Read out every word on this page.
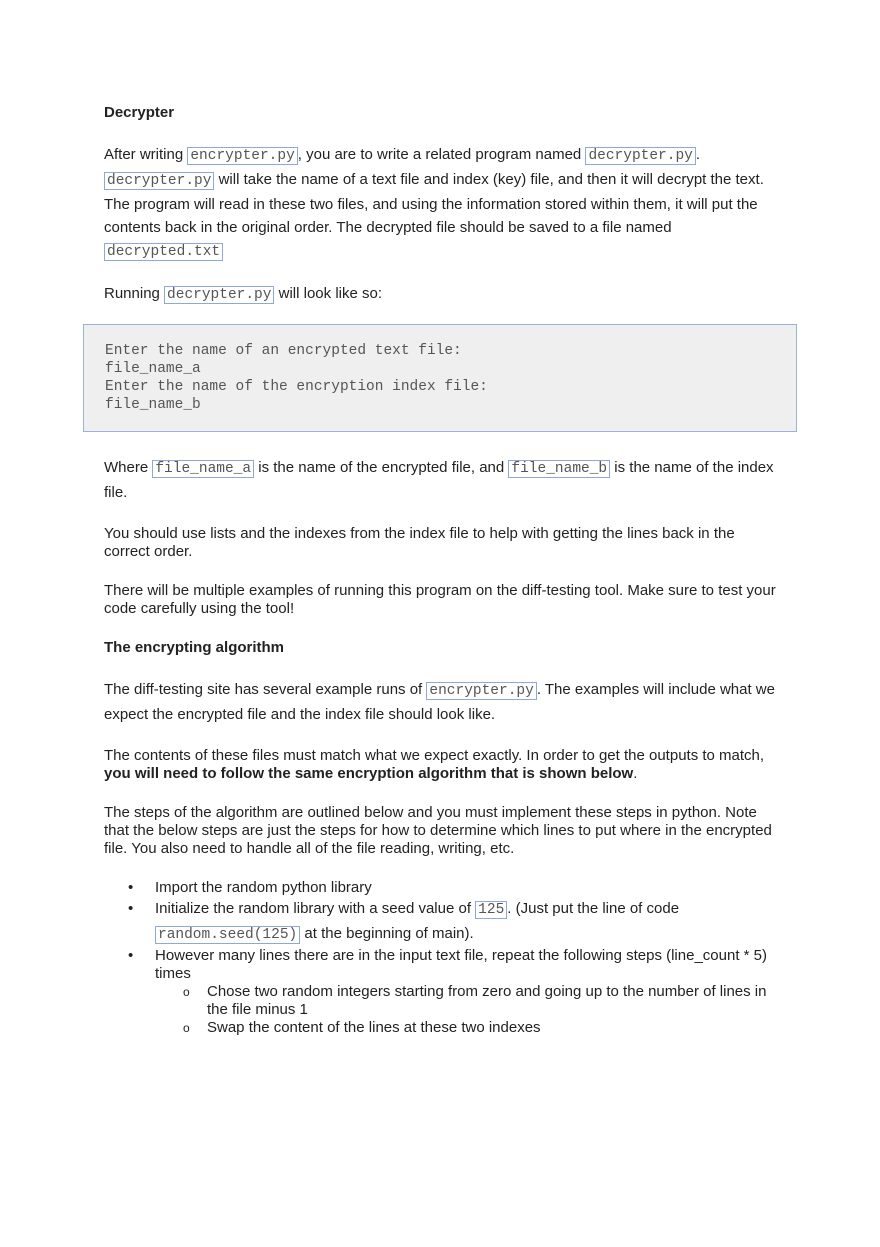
Decrypter

After writing encrypter.py , you are to write a related program named decrypter.py . decrypter.py will take the name of a text file and index (key) file, and then it will decrypt the text. The program will read in these two files, and using the information stored within them, it will put the contents back in the original order. The decrypted file should be saved to a file named decrypted.txt

Running decrypter.py will look like so:

Enter the name of an encrypted text file:
file_name_a
Enter the name of the encryption index file:
file_name_b

Where file_name_a is the name of the encrypted file, and file_name_b is the name of the index file.

You should use lists and the indexes from the index file to help with getting the lines back in the correct order.

There will be multiple examples of running this program on the diff-testing tool. Make sure to test your code carefully using the tool!

The encrypting algorithm

The diff-testing site has several example runs of encrypter.py . The examples will include what we expect the encrypted file and the index file should look like.

The contents of these files must match what we expect exactly. In order to get the outputs to match, you will need to follow the same encryption algorithm that is shown below.

The steps of the algorithm are outlined below and you must implement these steps in python. Note that the below steps are just the steps for how to determine which lines to put where in the encrypted file. You also need to handle all of the file reading, writing, etc.

• Import the random python library
• Initialize the random library with a seed value of 125 . (Just put the line of code random.seed(125) at the beginning of main).
• However many lines there are in the input text file, repeat the following steps (line_count * 5) times
o Chose two random integers starting from zero and going up to the number of lines in the file minus 1
o Swap the content of the lines at these two indexes
